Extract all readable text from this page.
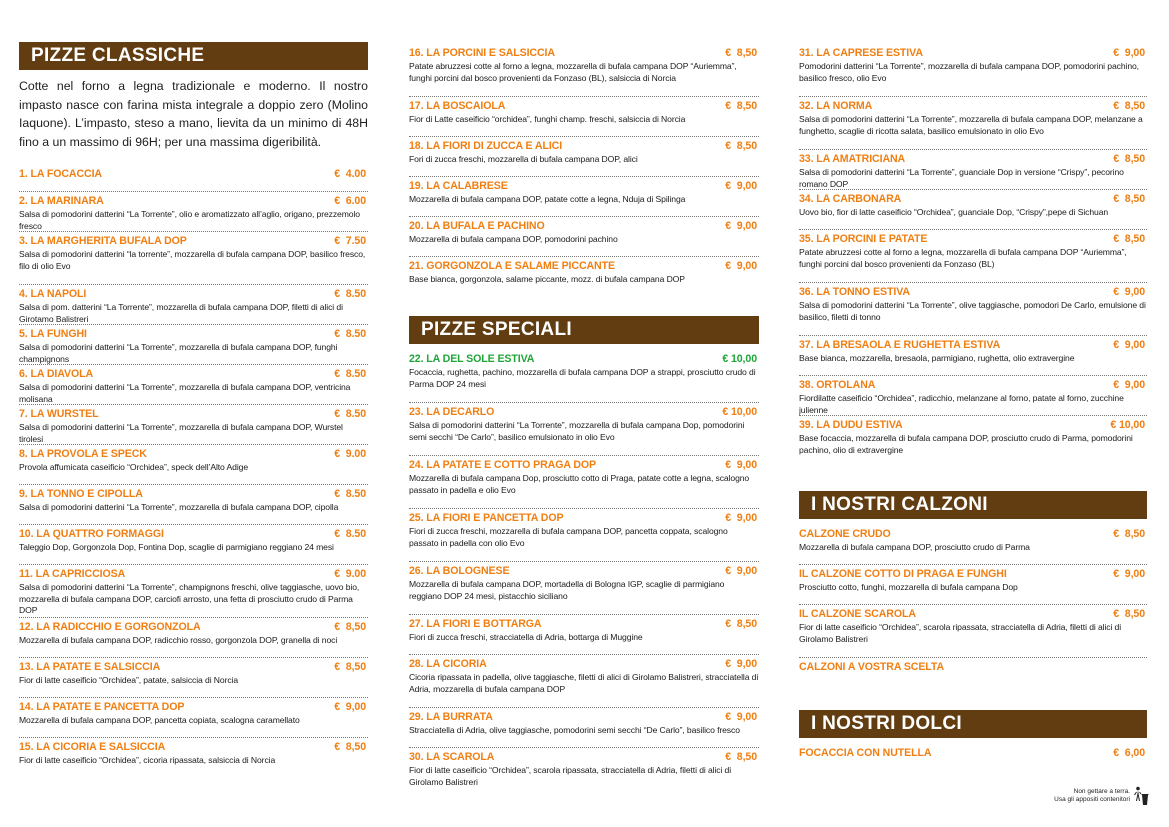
PIZZE CLASSICHE
Cotte nel forno a legna tradizionale e moderno. Il nostro impasto nasce con farina mista integrale a doppio zero (Molino Iaquone). L’impasto, steso a mano, lievita da un minimo di 48H fino a un massimo di 96H; per una massima digeribilità.
1. LA FOCACCIA	€  4.00
2. LA MARINARA	€  6.00
Salsa di pomodorini datterini “La Torrente”, olio e aromatizzato all’aglio, origano, prezzemolo fresco
3. LA MARGHERITA BUFALA DOP	€  7.50
Salsa di pomodorini datterini “la torrente”, mozzarella di bufala campana DOP, basilico fresco, filo di olio Evo
4. LA NAPOLI	€  8.50
Salsa di pom. datterini “La Torrente”, mozzarella di bufala campana DOP, filetti di alici di Girotamo Balistreri
5. LA FUNGHI	€  8.50
Salsa di pomodorini datterini “La Torrente”, mozzarella di bufala campana DOP, funghi champignons
6. LA DIAVOLA	€  8.50
Salsa di pomodorini datterini “La Torrente”, mozzarella di bufala campana DOP, ventricina molisana
7. LA WURSTEL	€  8.50
Salsa di pomodorini datterini “La Torrente”, mozzarella di bufala campana DOP, Wurstel tirolesi
8. LA PROVOLA E SPECK	€  9.00
Provola affumicata caseificio “Orchidea”, speck dell’Alto Adige
9. LA TONNO E CIPOLLA	€  8.50
Salsa di pomodorini datterini “La Torrente”, mozzarella di bufala campana DOP, cipolla
10. LA QUATTRO FORMAGGI	€  8.50
Taleggio Dop, Gorgonzola Dop, Fontina Dop, scaglie di parmigiano reggiano 24 mesi
11. LA CAPRICCIOSA	€  9.00
Salsa di pomodorini datterini “La Torrente”, champignons freschi, olive taggiasche, uovo bio, mozzarella di bufala campana DOP, carciofi arrosto, una fetta di prosciutto crudo di Parma DOP
12. LA RADICCHIO E GORGONZOLA	€  8,50
Mozzarella di bufala campana DOP, radicchio rosso, gorgonzola DOP, granella di noci
13. LA PATATE E SALSICCIA	€  8,50
Fior di latte caseificio “Orchidea”, patate, salsiccia di Norcia
14. LA PATATE E PANCETTA DOP	€  9,00
Mozzarella di bufala campana DOP, pancetta copiata, scalogna caramellato
15. LA CICORIA E SALSICCIA	€  8,50
Fior di latte caseificio “Orchidea”, cicoria ripassata, salsiccia di Norcia
16. LA PORCINI E SALSICCIA	€  8,50
Patate abruzzesi cotte al forno a legna, mozzarella di bufala campana DOP “Auriemma”, funghi porcini dal bosco provenienti da Fonzaso (BL), salsiccia di Norcia
17. LA BOSCAIOLA	€  8,50
Fior di Latte caseificio “orchidea”, funghi champ. freschi, salsiccia di Norcia
18. LA FIORI DI ZUCCA E ALICI	€  8,50
Fori di zucca freschi, mozzarella di bufala campana DOP, alici
19. LA CALABRESE	€  9,00
Mozzarella di bufala campana DOP, patate cotte a legna, Nduja di Spilinga
20. LA BUFALA E PACHINO	€  9,00
Mozzarella di bufala campana DOP, pomodorini pachino
21. GORGONZOLA E SALAME PICCANTE	€  9,00
Base bianca, gorgonzola, salame piccante, mozz. di bufala campana DOP
PIZZE SPECIALI
22. LA DEL SOLE ESTIVA	€ 10,00
Focaccia, rughetta, pachino, mozzarella di bufala campana DOP a strappi, prosciutto crudo di Parma DOP 24 mesi
23. LA DECARLO	€ 10,00
Salsa di pomodorini datterini “La Torrente”, mozzarella di bufala campana Dop, pomodorini semi secchi “De Carlo”, basilico emulsionato in olio Evo
24. LA PATATE E COTTO PRAGA DOP	€  9,00
Mozzarella di bufala campana Dop, prosciutto cotto di Praga, patate cotte a legna, scalogno passato in padella e olio Evo
25. LA FIORI E PANCETTA DOP	€  9,00
Fiori di zucca freschi, mozzarella di bufala campana DOP, pancetta coppata, scalogno passato in padella con olio Evo
26. LA BOLOGNESE	€  9,00
Mozzarella di bufala campana DOP, mortadella di Bologna IGP, scaglie di parmigiano reggiano DOP 24 mesi, pistacchio siciliano
27. LA FIORI E BOTTARGA	€  8,50
Fiori di zucca freschi, stracciatella di Adria, bottarga di Muggine
28. LA CICORIA	€  9,00
Cicoria ripassata in padella, olive taggiasche, filetti di alici di Girolamo Balistreri, stracciatella di Adria, mozzarella di bufala campana DOP
29. LA BURRATA	€  9,00
Stracciatella di Adria, olive taggiasche, pomodorini semi secchi “De Carlo”, basilico fresco
30. LA SCAROLA	€  8,50
Fior di latte caseificio “Orchidea”, scarola ripassata, stracciatella di Adria, filetti di alici di Girolamo Balistreri
31. LA CAPRESE ESTIVA	€  9,00
Pomodorini datterini “La Torrente”, mozzarella di bufala campana DOP, pomodorini pachino, basilico fresco, olio Evo
32. LA NORMA	€  8,50
Salsa di pomodorini datterini “La Torrente”, mozzarella di bufala campana DOP, melanzane a funghetto, scaglie di ricotta salata, basilico emulsionato in olio Evo
33. LA AMATRICIANA	€  8,50
Salsa di pomodorini datterini “La Torrente”, guanciale Dop in versione “Crispy”, pecorino romano DOP
34. LA CARBONARA	€  8,50
Uovo bio, fior di latte caseificio “Orchidea”, guanciale Dop, “Crispy”,pepe di Sichuan
35. LA PORCINI E PATATE	€  8,50
Patate abruzzesi cotte al forno a legna, mozzarella di bufala campana DOP “Auriemma”, funghi porcini dal bosco provenienti da Fonzaso (BL)
36. LA TONNO ESTIVA	€  9,00
Salsa di pomodorini datterini “La Torrente”, olive taggiasche, pomodori De Carlo, emulsione di basilico, filetti di tonno
37. LA BRESAOLA E RUGHETTA ESTIVA	€  9,00
Base bianca, mozzarella, bresaola, parmigiano, rughetta, olio extravergine
38. ORTOLANA	€  9,00
Fiordilatte caseificio “Orchidea”, radicchio, melanzane al forno, patate al forno, zucchine julienne
39. LA DUDU ESTIVA	€ 10,00
Base focaccia, mozzarella di bufala campana DOP, prosciutto crudo di Parma, pomodorini pachino, olio di extravergine
I NOSTRI CALZONI
CALZONE CRUDO	€  8,50
Mozzarella di bufala campana DOP, prosciutto crudo di Parma
IL CALZONE COTTO DI PRAGA E FUNGHI	€  9,00
Prosciutto cotto, funghi, mozzarella di bufala campana Dop
IL CALZONE SCAROLA	€  8,50
Fior di latte caseificio “Orchidea”, scarola ripassata, stracciatella di Adria, filetti di alici di Girolamo Balistreri
CALZONI A VOSTRA SCELTA
I NOSTRI DOLCI
FOCACCIA CON NUTELLA	€  6,00
Non gettare a terra.
Usa gli appositi contenitori
